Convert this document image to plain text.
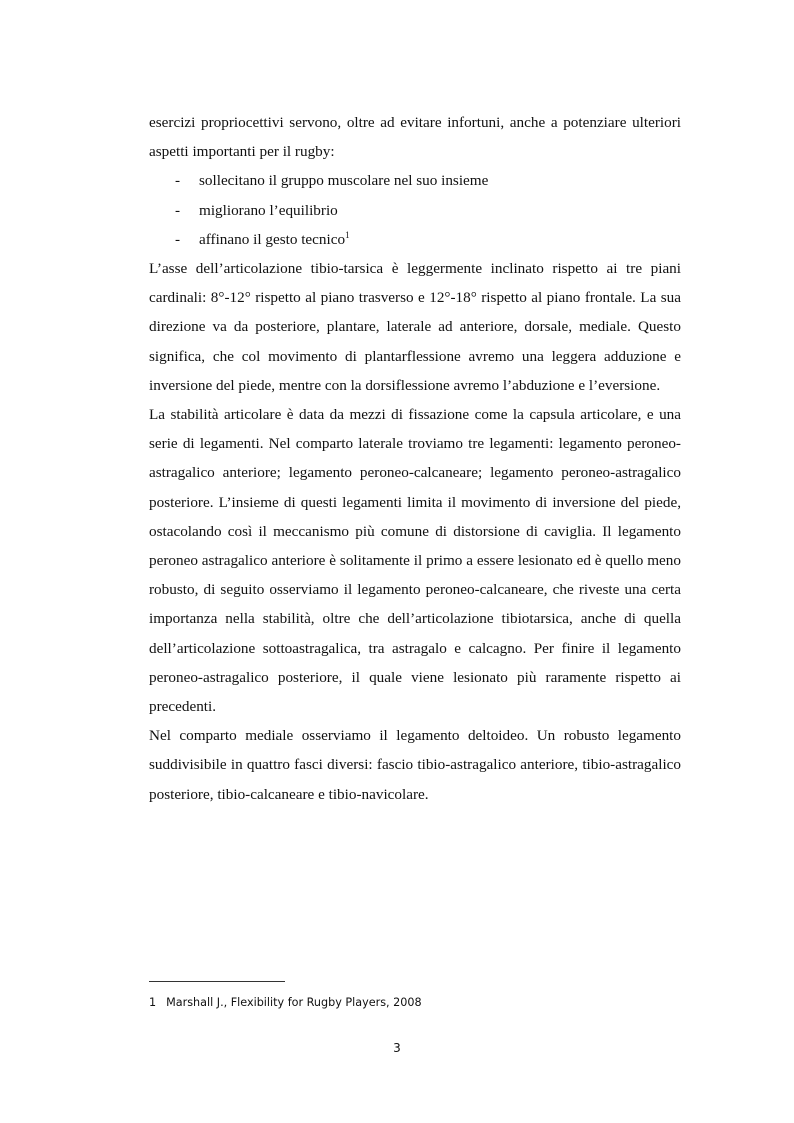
esercizi propriocettivi servono, oltre ad evitare infortuni, anche a potenziare ulteriori aspetti importanti per il rugby:

- sollecitano il gruppo muscolare nel suo insieme
- migliorano l’equilibrio
- affinano il gesto tecnico$^1$

L’asse dell’articolazione tibio-tarsica è leggermente inclinato rispetto ai tre piani cardinali: 8°-12° rispetto al piano trasverso e 12°-18° rispetto al piano frontale. La sua direzione va da posteriore, plantare, laterale ad anteriore, dorsale, mediale. Questo significa, che col movimento di plantarflessione avremo una leggera adduzione e inversione del piede, mentre con la dorsiflessione avremo l’abduzione e l’eversione.

La stabilità articolare è data da mezzi di fissazione come la capsula articolare, e una serie di legamenti. Nel comparto laterale troviamo tre legamenti: legamento peroneo-astragalico anteriore; legamento peroneo-calcaneare; legamento peroneo-astragalico posteriore. L’insieme di questi legamenti limita il movimento di inversione del piede, ostacolando così il meccanismo più comune di distorsione di caviglia. Il legamento peroneo astragalico anteriore è solitamente il primo a essere lesionato ed è quello meno robusto, di seguito osserviamo il legamento peroneo-calcaneare, che riveste una certa importanza nella stabilità, oltre che dell’articolazione tibiotarsica, anche di quella dell’articolazione sottoastragalica, tra astragalo e calcagno. Per finire il legamento peroneo-astragalico posteriore, il quale viene lesionato più raramente rispetto ai precedenti.

Nel comparto mediale osserviamo il legamento deltoideo. Un robusto legamento suddivisibile in quattro fasci diversi: fascio tibio-astragalico anteriore, tibio-astragalico posteriore, tibio-calcaneare e tibio-navicolare.

1 Marshall J., Flexibility for Rugby Players, 2008
3
